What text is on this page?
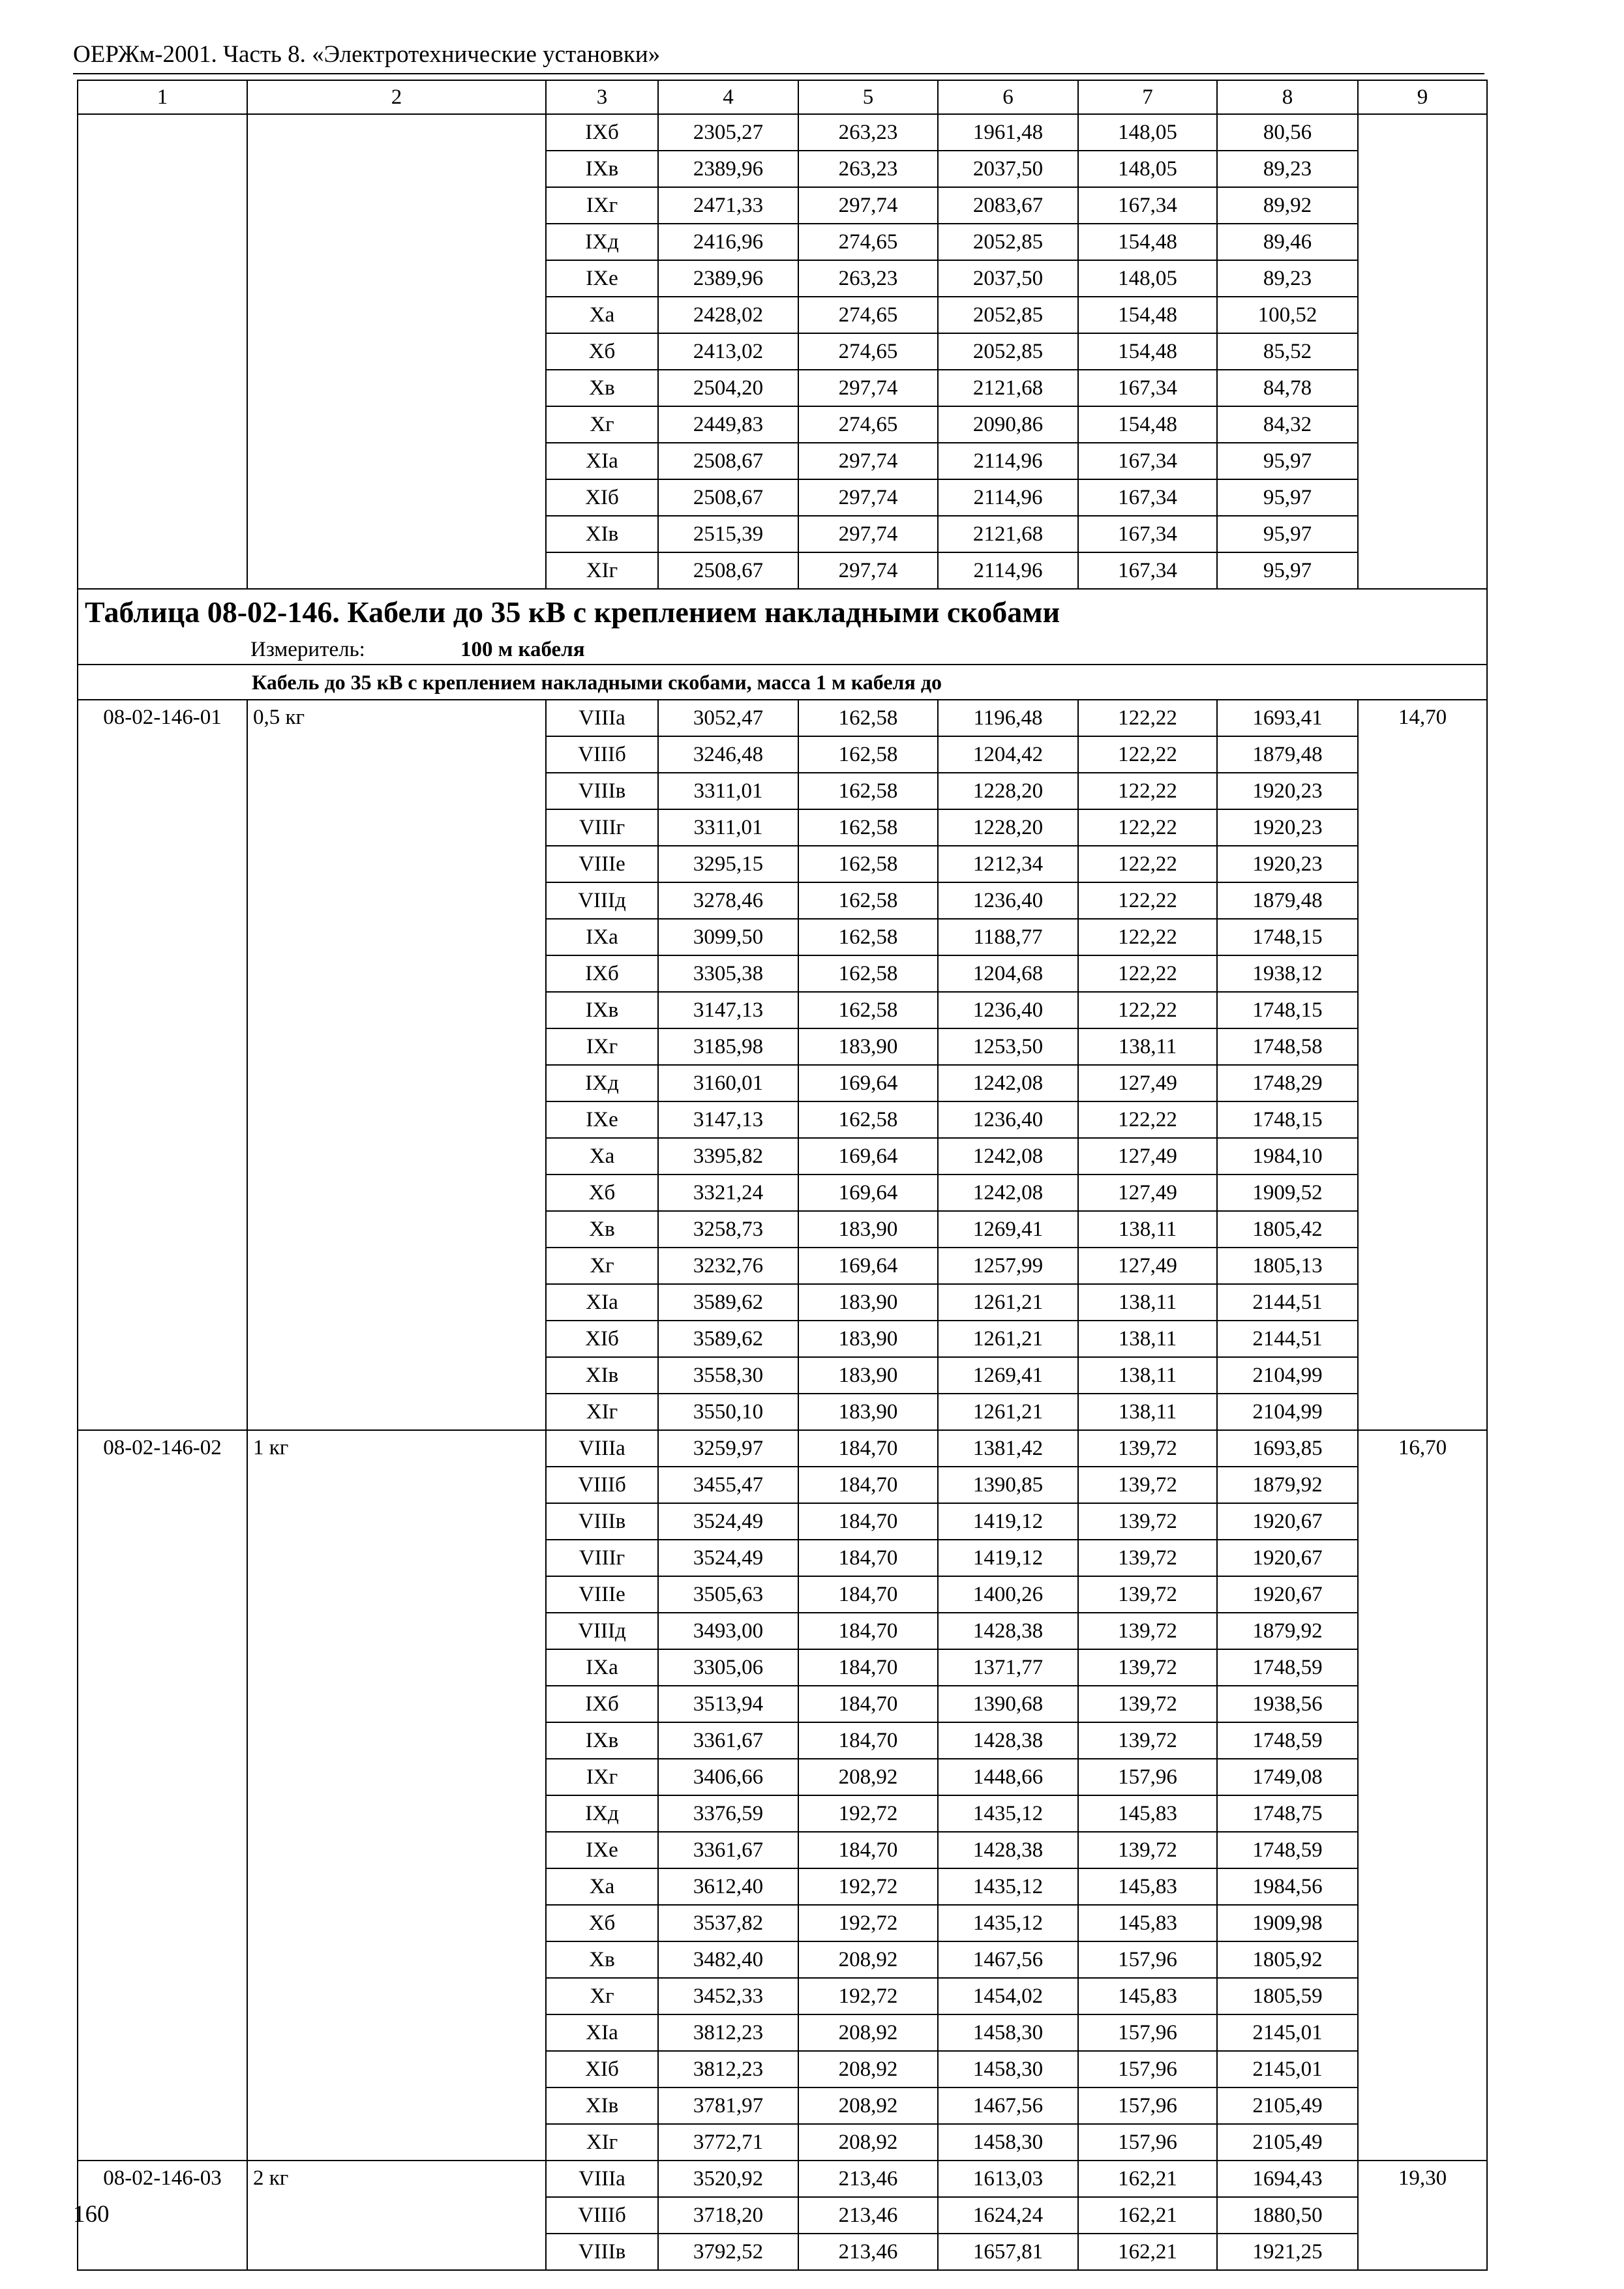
ОЕРЖм-2001. Часть 8. «Электротехнические установки»
1	2	3	4	5	6	7	8	9
		IXб	2305,27	263,23	1961,48	148,05	80,56	
		IXв	2389,96	263,23	2037,50	148,05	89,23	
		IXг	2471,33	297,74	2083,67	167,34	89,92	
		IXд	2416,96	274,65	2052,85	154,48	89,46	
		IXе	2389,96	263,23	2037,50	148,05	89,23	
		Xа	2428,02	274,65	2052,85	154,48	100,52	
		Xб	2413,02	274,65	2052,85	154,48	85,52	
		Xв	2504,20	297,74	2121,68	167,34	84,78	
		Xг	2449,83	274,65	2090,86	154,48	84,32	
		XIа	2508,67	297,74	2114,96	167,34	95,97	
		XIб	2508,67	297,74	2114,96	167,34	95,97	
		XIв	2515,39	297,74	2121,68	167,34	95,97	
		XIг	2508,67	297,74	2114,96	167,34	95,97	
Таблица 08-02-146. Кабели до 35 кВ с креплением накладными скобами								
Измеритель: 100 м кабеля								
Кабель до 35 кВ с креплением накладными скобами, масса 1 м кабеля до								
08-02-146-01	0,5 кг	VIIIа	3052,47	162,58	1196,48	122,22	1693,41	14,70
		VIIIб	3246,48	162,58	1204,42	122,22	1879,48	
		VIIIв	3311,01	162,58	1228,20	122,22	1920,23	
		VIIIг	3311,01	162,58	1228,20	122,22	1920,23	
		VIIIе	3295,15	162,58	1212,34	122,22	1920,23	
		VIIIд	3278,46	162,58	1236,40	122,22	1879,48	
		IXа	3099,50	162,58	1188,77	122,22	1748,15	
		IXб	3305,38	162,58	1204,68	122,22	1938,12	
		IXв	3147,13	162,58	1236,40	122,22	1748,15	
		IXг	3185,98	183,90	1253,50	138,11	1748,58	
		IXд	3160,01	169,64	1242,08	127,49	1748,29	
		IXе	3147,13	162,58	1236,40	122,22	1748,15	
		Xа	3395,82	169,64	1242,08	127,49	1984,10	
		Xб	3321,24	169,64	1242,08	127,49	1909,52	
		Xв	3258,73	183,90	1269,41	138,11	1805,42	
		Xг	3232,76	169,64	1257,99	127,49	1805,13	
		XIа	3589,62	183,90	1261,21	138,11	2144,51	
		XIб	3589,62	183,90	1261,21	138,11	2144,51	
		XIв	3558,30	183,90	1269,41	138,11	2104,99	
		XIг	3550,10	183,90	1261,21	138,11	2104,99	
08-02-146-02	1 кг	VIIIа	3259,97	184,70	1381,42	139,72	1693,85	16,70
		VIIIб	3455,47	184,70	1390,85	139,72	1879,92	
		VIIIв	3524,49	184,70	1419,12	139,72	1920,67	
		VIIIг	3524,49	184,70	1419,12	139,72	1920,67	
		VIIIе	3505,63	184,70	1400,26	139,72	1920,67	
		VIIIд	3493,00	184,70	1428,38	139,72	1879,92	
		IXа	3305,06	184,70	1371,77	139,72	1748,59	
		IXб	3513,94	184,70	1390,68	139,72	1938,56	
		IXв	3361,67	184,70	1428,38	139,72	1748,59	
		IXг	3406,66	208,92	1448,66	157,96	1749,08	
		IXд	3376,59	192,72	1435,12	145,83	1748,75	
		IXе	3361,67	184,70	1428,38	139,72	1748,59	
		Xа	3612,40	192,72	1435,12	145,83	1984,56	
		Xб	3537,82	192,72	1435,12	145,83	1909,98	
		Xв	3482,40	208,92	1467,56	157,96	1805,92	
		Xг	3452,33	192,72	1454,02	145,83	1805,59	
		XIа	3812,23	208,92	1458,30	157,96	2145,01	
		XIб	3812,23	208,92	1458,30	157,96	2145,01	
		XIв	3781,97	208,92	1467,56	157,96	2105,49	
		XIг	3772,71	208,92	1458,30	157,96	2105,49	
08-02-146-03	2 кг	VIIIа	3520,92	213,46	1613,03	162,21	1694,43	19,30
		VIIIб	3718,20	213,46	1624,24	162,21	1880,50	
		VIIIв	3792,52	213,46	1657,81	162,21	1921,25	
160
